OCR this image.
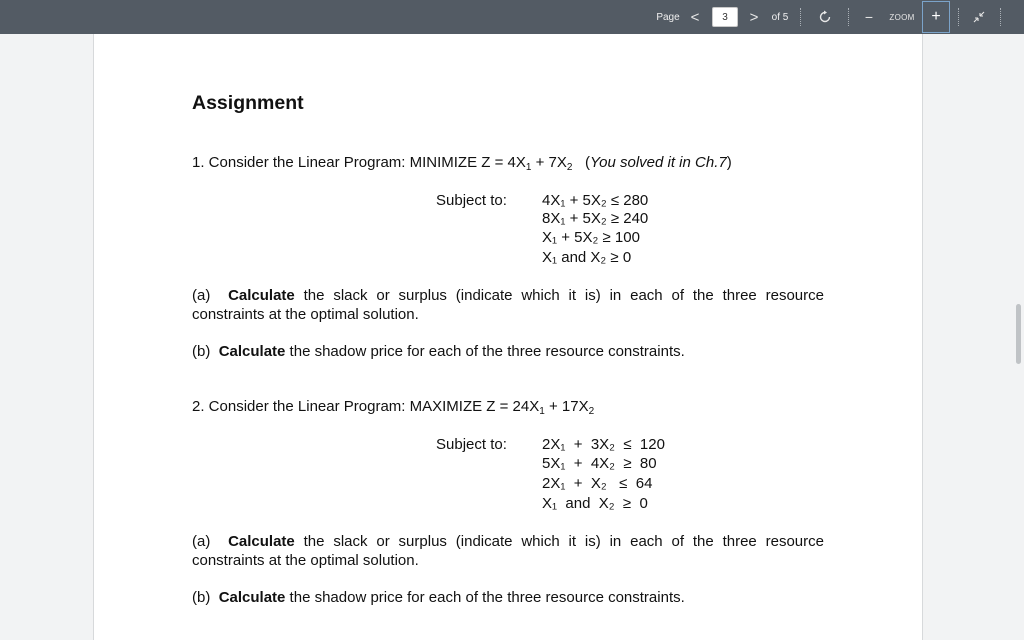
Page <
3	>	of 5	−	ZOOM	+
Assignment
1. Consider the Linear Program: MINIMIZE $Z = 4X_1 + 7X_2$   (You solved it in Ch.7)
Subject to: 4X₁ + 5X₂ ≤ 280
8X₁ + 5X₂ ≥ 240
X₁ + 5X₂ ≥ 100
X₁ and X₂ ≥ 0
(a) Calculate the slack or surplus (indicate which it is) in each of the three resource constraints at the optimal solution.
(b) Calculate the shadow price for each of the three resource constraints.
2. Consider the Linear Program: MAXIMIZE $Z = 24X_1 + 17X_2$
Subject to: 2X₁  +  3X₂  ≤  120
5X₁  +  4X₂  ≥  80
2X₁  +  X₂   ≤  64
X₁  and  X₂  ≥  0
(a) Calculate the slack or surplus (indicate which it is) in each of the three resource constraints at the optimal solution.
(b) Calculate the shadow price for each of the three resource constraints.
